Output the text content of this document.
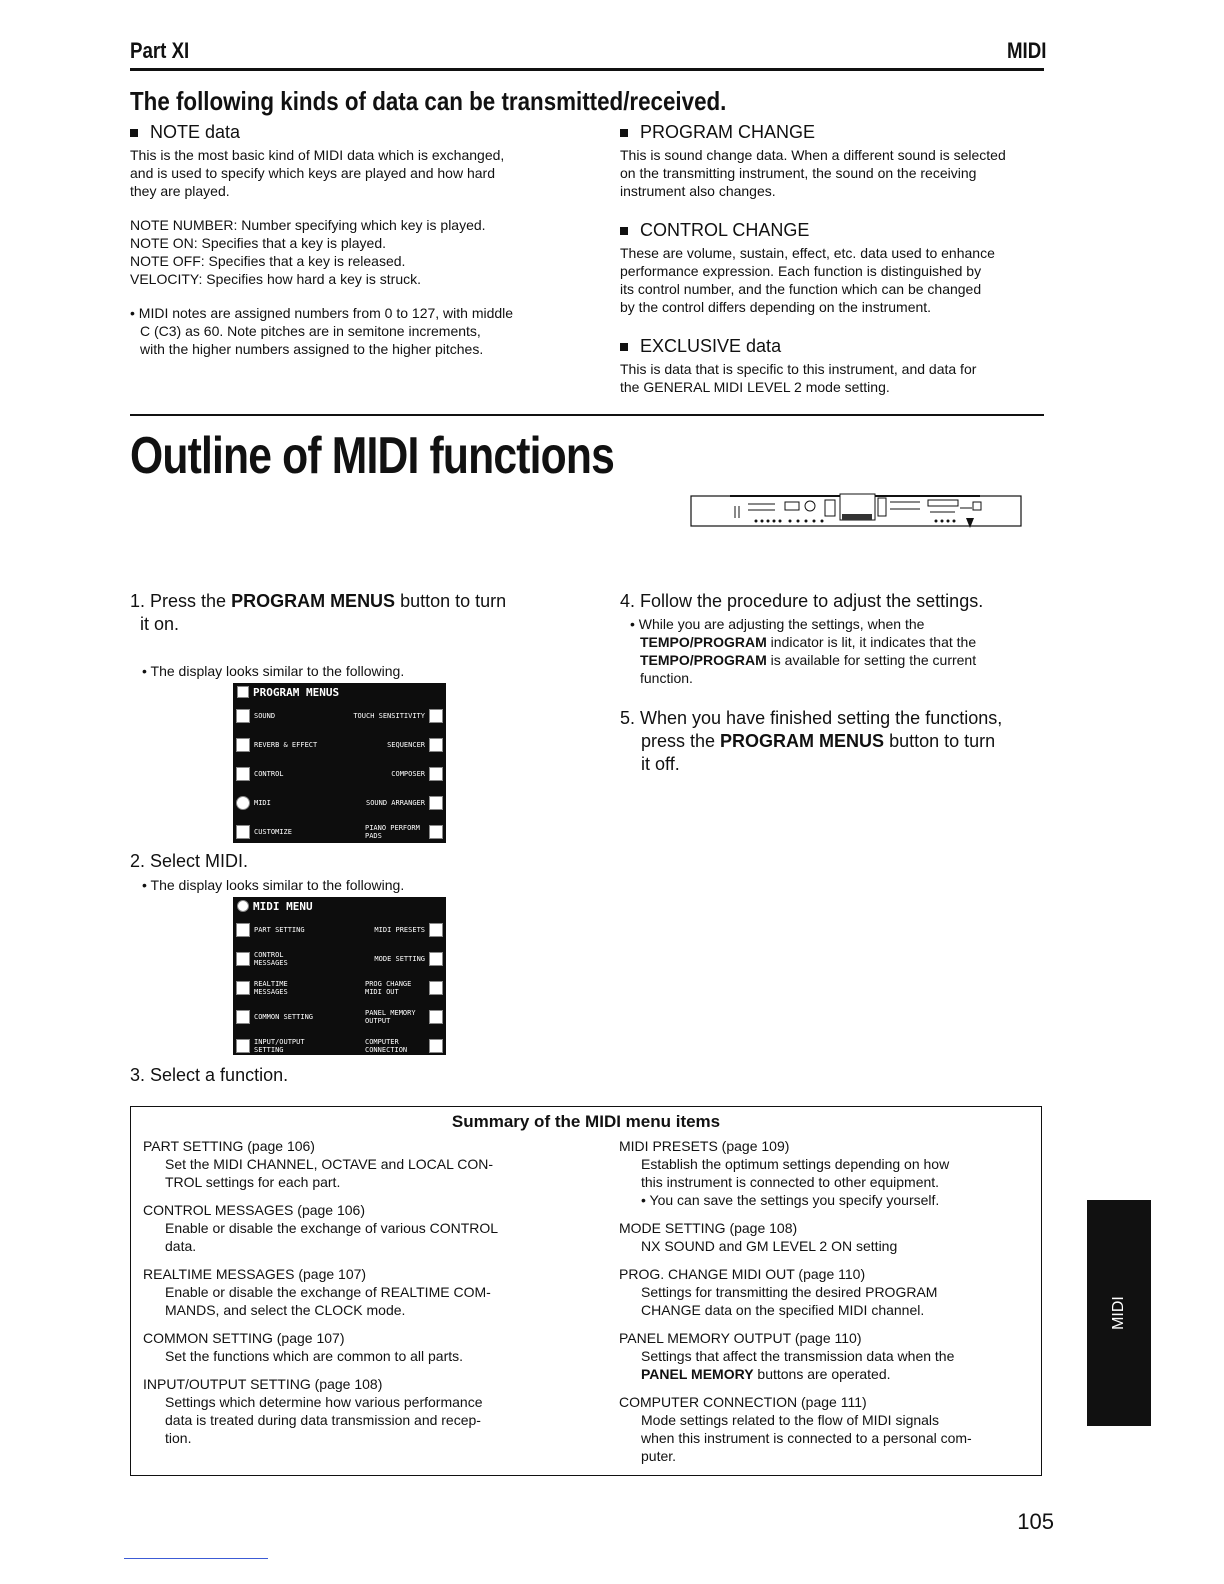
Part XI	MIDI
The following kinds of data can be transmitted/received.
NOTE data

This is the most basic kind of MIDI data which is exchanged,

and is used to specify which keys are played and how hard

they are played.

NOTE NUMBER: Number specifying which key is played.

NOTE ON: Specifies that a key is played.

NOTE OFF: Specifies that a key is released.

VELOCITY: Specifies how hard a key is struck.

• MIDI notes are assigned numbers from 0 to 127, with middle

C (C3) as 60. Note pitches are in semitone increments,

with the higher numbers assigned to the higher pitches.

PROGRAM CHANGE

This is sound change data. When a different sound is selected

on the transmitting instrument, the sound on the receiving

instrument also changes.

CONTROL CHANGE

These are volume, sustain, effect, etc. data used to enhance

performance expression. Each function is distinguished by

its control number, and the function which can be changed

by the control differs depending on the instrument.

EXCLUSIVE data

This is data that is specific to this instrument, and data for

the GENERAL MIDI LEVEL 2 mode setting.

Outline of MIDI functions
1. Press the PROGRAM MENUS button to turn
it on.
• The display looks similar to the following.
PROGRAM MENUS
SOUND	TOUCH SENSITIVITY
REVERB & EFFECT	SEQUENCER
CONTROL	COMPOSER
MIDI	SOUND ARRANGER
CUSTOMIZE	PIANO PERFORM PADS
2. Select MIDI.
• The display looks similar to the following.
MIDI MENU
PART SETTING	MIDI PRESETS
CONTROL MESSAGES	MODE SETTING
REALTIME MESSAGES
PROG CHANGE MIDI OUT
COMMON SETTING	PANEL MEMORY OUTPUT
INPUT/OUTPUT SETTING
COMPUTER CONNECTION
3. Select a function.
4. Follow the procedure to adjust the settings.
• While you are adjusting the settings, when the
TEMPO/PROGRAM indicator is lit, it indicates that the
TEMPO/PROGRAM is available for setting the current
function.
5. When you have finished setting the functions,
press the PROGRAM MENUS button to turn
it off.
Summary of the MIDI menu items
PART SETTING (page 106)
Set the MIDI CHANNEL, OCTAVE and LOCAL CON-
TROL settings for each part.
CONTROL MESSAGES (page 106)
Enable or disable the exchange of various CONTROL
data.
REALTIME MESSAGES (page 107)
Enable or disable the exchange of REALTIME COM-
MANDS, and select the CLOCK mode.
COMMON SETTING (page 107)
Set the functions which are common to all parts.
INPUT/OUTPUT SETTING (page 108)
Settings which determine how various performance
data is treated during data transmission and recep-
tion.
MIDI PRESETS (page 109)
Establish the optimum settings depending on how
this instrument is connected to other equipment.
• You can save the settings you specify yourself.
MODE SETTING (page 108)
NX SOUND and GM LEVEL 2 ON setting
PROG. CHANGE MIDI OUT (page 110)
Settings for transmitting the desired PROGRAM
CHANGE data on the specified MIDI channel.
PANEL MEMORY OUTPUT (page 110)
Settings that affect the transmission data when the
PANEL MEMORY buttons are operated.
COMPUTER CONNECTION (page 111)
Mode settings related to the flow of MIDI signals
when this instrument is connected to a personal com-
puter.
MIDI
105
